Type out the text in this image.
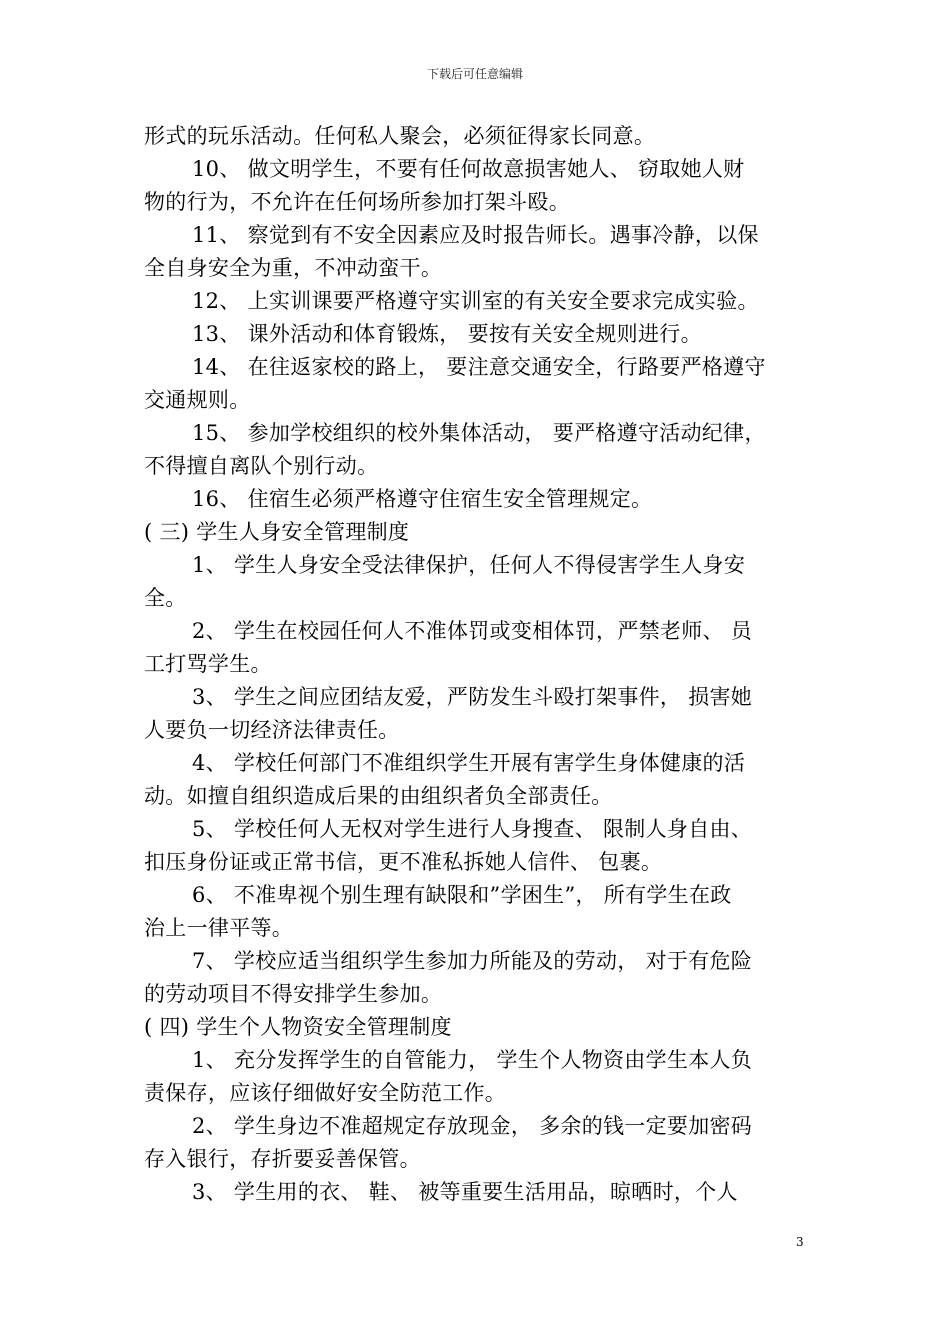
下载后可任意编辑
形式的玩乐活动。任何私人聚会，必须征得家长同意。
10、 做文明学生，不要有任何故意损害她人、 窃取她人财
物的行为，不允许在任何场所参加打架斗殴。
11、 察觉到有不安全因素应及时报告师长。遇事冷静，以保
全自身安全为重，不冲动蛮干。
12、 上实训课要严格遵守实训室的有关安全要求完成实验。
13、 课外活动和体育锻炼， 要按有关安全规则进行。
14、 在往返家校的路上， 要注意交通安全，行路要严格遵守
交通规则。
15、 参加学校组织的校外集体活动， 要严格遵守活动纪律，
不得擅自离队个别行动。
16、 住宿生必须严格遵守住宿生安全管理规定。
( 三) 学生人身安全管理制度
1、 学生人身安全受法律保护，任何人不得侵害学生人身安
全。
2、 学生在校园任何人不准体罚或变相体罚，严禁老师、 员
工打骂学生。
3、 学生之间应团结友爱，严防发生斗殴打架事件， 损害她
人要负一切经济法律责任。
4、 学校任何部门不准组织学生开展有害学生身体健康的活
动。如擅自组织造成后果的由组织者负全部责任。
5、 学校任何人无权对学生进行人身搜查、 限制人身自由、
扣压身份证或正常书信，更不准私拆她人信件、 包裹。
6、 不准卑视个别生理有缺限和”学困生”， 所有学生在政
治上一律平等。
7、 学校应适当组织学生参加力所能及的劳动， 对于有危险
的劳动项目不得安排学生参加。
( 四) 学生个人物资安全管理制度
1、 充分发挥学生的自管能力， 学生个人物资由学生本人负
责保存，应该仔细做好安全防范工作。
2、 学生身边不准超规定存放现金， 多余的钱一定要加密码
存入银行，存折要妥善保管。
3、 学生用的衣、 鞋、 被等重要生活用品，晾晒时，个人
3
